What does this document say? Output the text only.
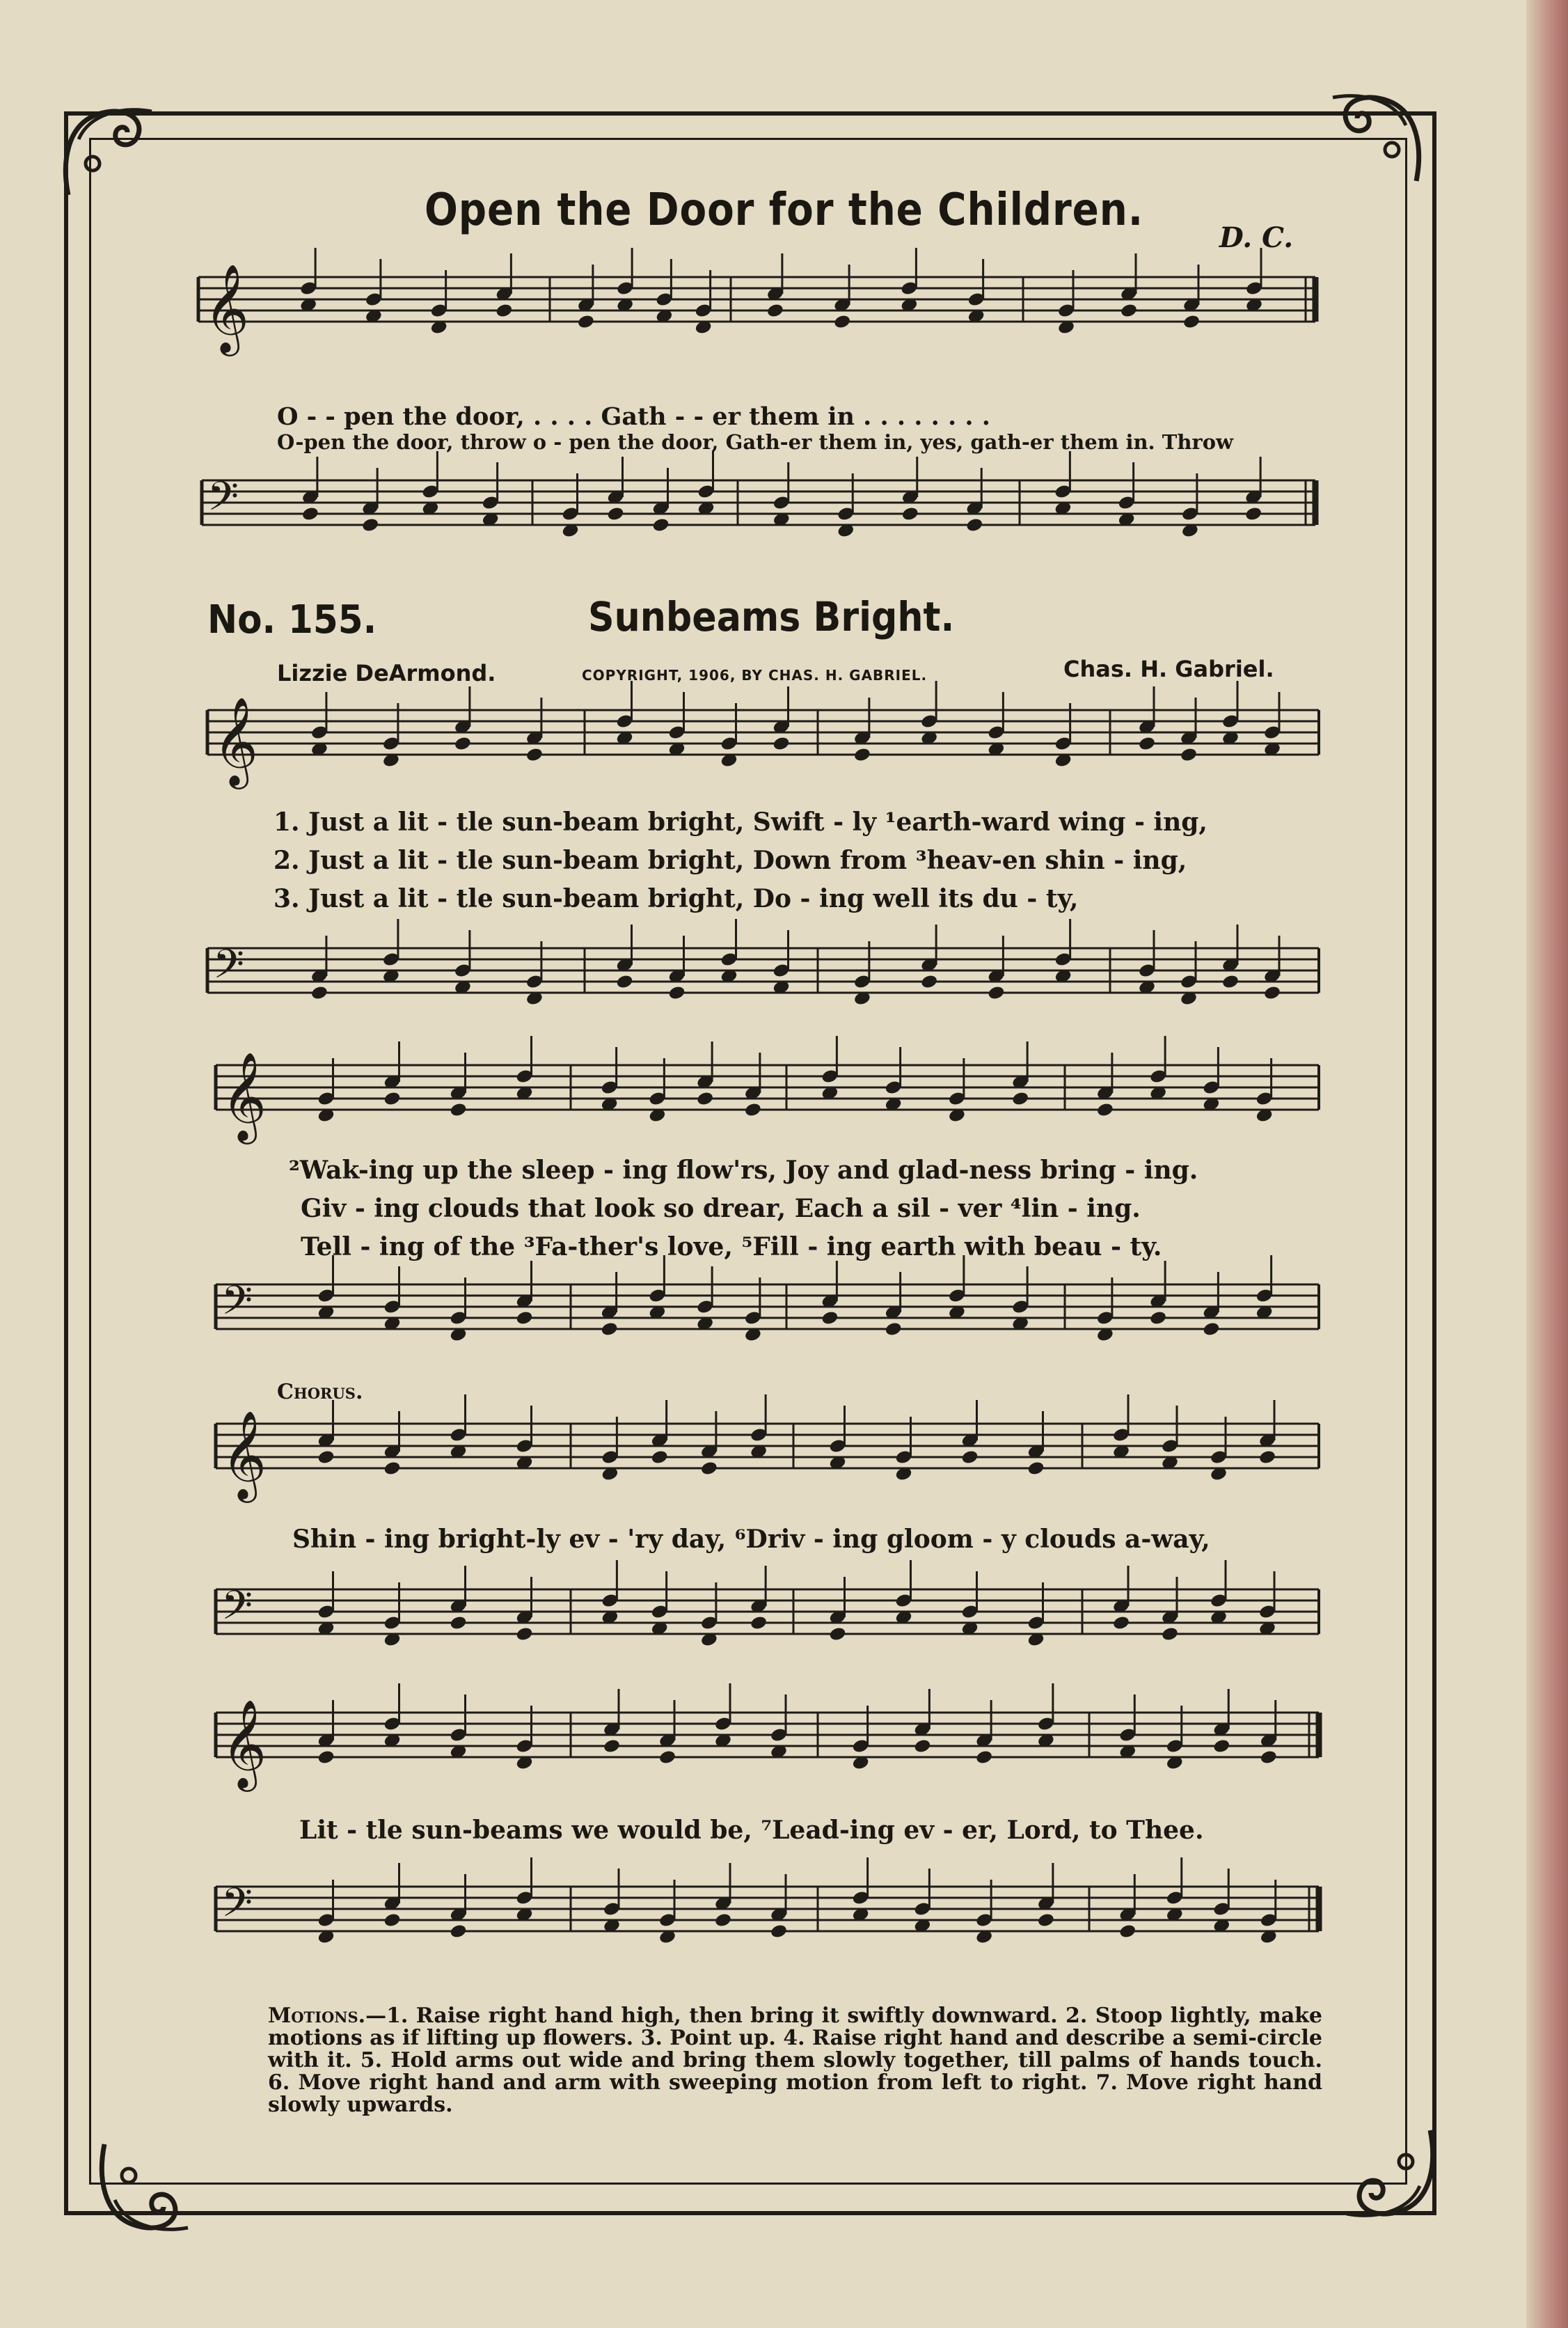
Open the Door for the Children.
D. C.
O - - pen the door, . . . . Gath - - er them in . . . . . . . .
O-pen the door, throw o - pen the door, Gath-er them in, yes, gath-er them in. Throw
No. 155.	Sunbeams Bright.
Lizzie DeArmond.	COPYRIGHT, 1906, BY CHAS. H. GABRIEL.	Chas. H. Gabriel.
1. Just a lit - tle sun-beam bright, Swift - ly ¹earth-ward wing - ing,
2. Just a lit - tle sun-beam bright, Down from ³heav-en shin - ing,
3. Just a lit - tle sun-beam bright, Do - ing well its du - ty,
²Wak-ing up the sleep - ing flow'rs, Joy and glad-ness bring - ing.
Giv - ing clouds that look so drear, Each a sil - ver ⁴lin - ing.
Tell - ing of the ³Fa-ther's love, ⁵Fill - ing earth with beau - ty.
Chorus.
Shin - ing bright-ly ev - 'ry day, ⁶Driv - ing gloom - y clouds a-way,
Lit - tle sun-beams we would be, ⁷Lead-ing ev - er, Lord, to Thee.
Motions.—1. Raise right hand high, then bring it swiftly downward. 2. Stoop lightly, make motions as if lifting up flowers. 3. Point up. 4. Raise right hand and describe a semi-circle with it. 5. Hold arms out wide and bring them slowly together, till palms of hands touch. 6. Move right hand and arm with sweeping motion from left to right. 7. Move right hand slowly upwards.
𝄞
𝄢
𝄞
𝄢
𝄞
𝄢
𝄞
𝄢
𝄞
𝄢
